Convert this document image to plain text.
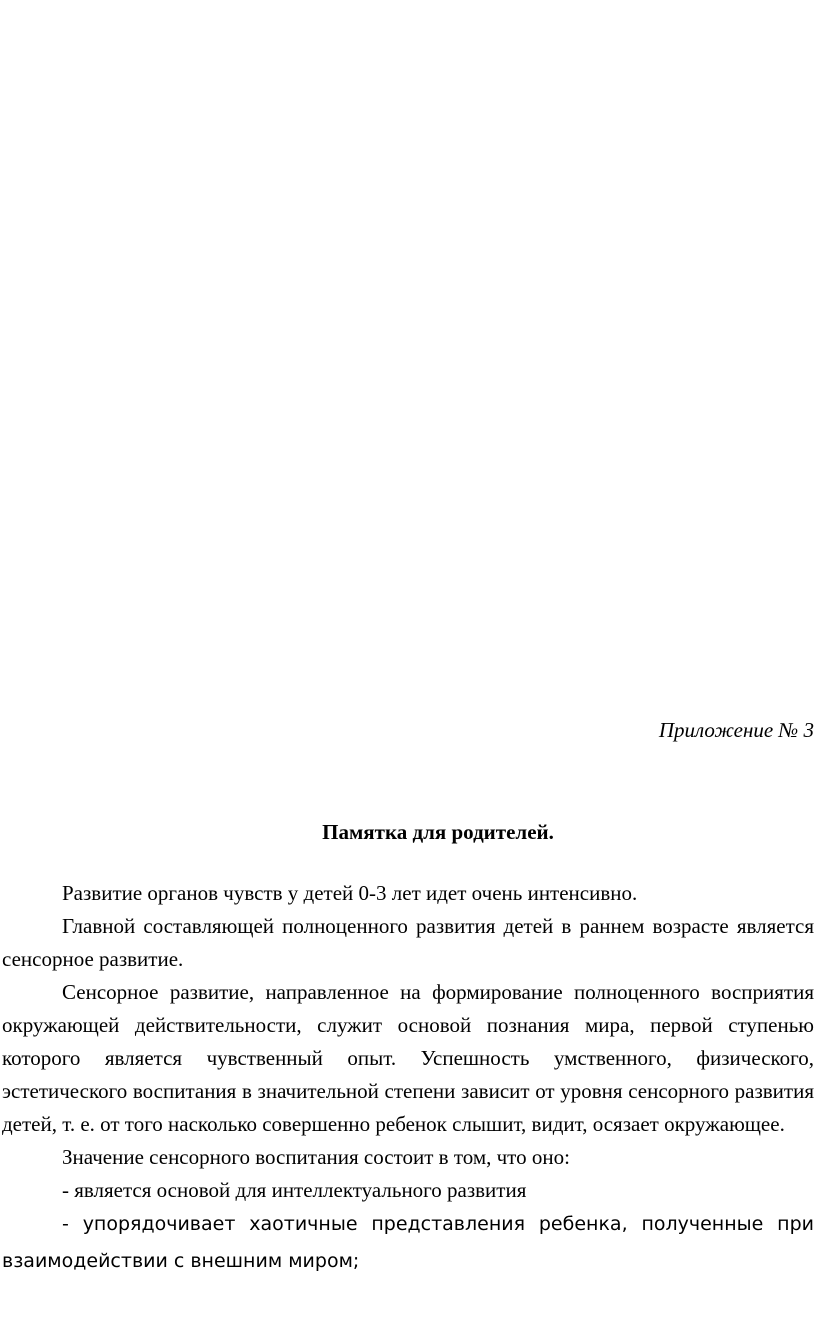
Приложение № 3
Памятка для родителей.

Развитие органов чувств у детей 0-3 лет идет очень интенсивно.

Главной составляющей полноценного развития детей в раннем возрасте является сенсорное развитие.

Сенсорное развитие, направленное на формирование полноценного восприятия окружающей действительности, служит основой познания мира, первой ступенью которого является чувственный опыт. Успешность умственного, физического, эстетического воспитания в значительной степени зависит от уровня сенсорного развития детей, т. е. от того насколько совершенно ребенок слышит, видит, осязает окружающее.

Значение сенсорного воспитания состоит в том, что оно:

- является основой для интеллектуального развития

- упорядочивает хаотичные представления ребенка, полученные при взаимодействии с внешним миром;
